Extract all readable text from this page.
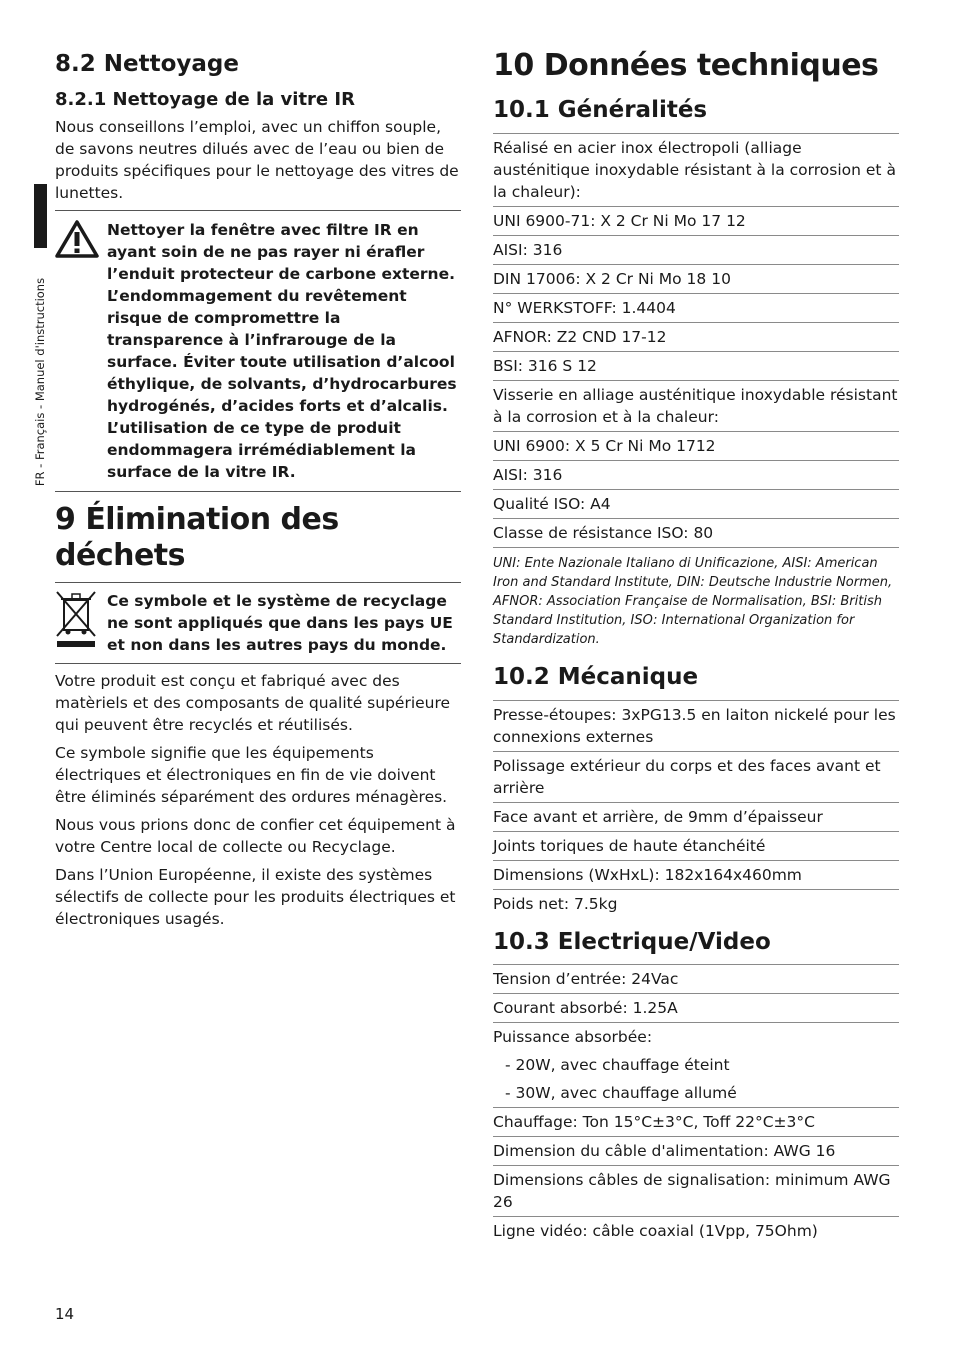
FR - Français - Manuel d'instructions
8.2 Nettoyage
8.2.1 Nettoyage de la vitre IR

Nous conseillons l’emploi, avec un chiffon souple, de savons neutres dilués avec de l’eau ou bien de produits spécifiques pour le nettoyage des vitres de lunettes.

Nettoyer la fenêtre avec filtre IR en ayant soin de ne pas rayer ni érafler l’enduit protecteur de carbone externe. L’endommagement du revêtement risque de compromettre la transparence à l’infrarouge de la surface. Éviter toute utilisation d’alcool éthylique, de solvants, d’hydrocarbures hydrogénés, d’acides forts et d’alcalis. L’utilisation de ce type de produit endommagera irrémédiablement la surface de la vitre IR.
9 Élimination des déchets
Ce symbole et le système de recyclage ne sont appliqués que dans les pays UE et non dans les autres pays du monde.

Votre produit est conçu et fabriqué avec des matèriels et des composants de qualité supérieure qui peuvent être recyclés et réutilisés.

Ce symbole signifie que les équipements électriques et électroniques en fin de vie doivent être éliminés séparément des ordures ménagères.

Nous vous prions donc de confier cet équipement à votre Centre local de collecte ou Recyclage.

Dans l’Union Européenne, il existe des systèmes sélectifs de collecte pour les produits électriques et électroniques usagés.

10 Données techniques
10.1 Généralités
Réalisé en acier inox électropoli (alliage austénitique inoxydable résistant à la corrosion et à la chaleur):
UNI 6900-71: X 2 Cr Ni Mo 17 12
AISI: 316
DIN 17006: X 2 Cr Ni Mo 18 10
N° WERKSTOFF: 1.4404
AFNOR: Z2 CND 17-12
BSI: 316 S 12
Visserie en alliage austénitique inoxydable résistant à la corrosion et à la chaleur:
UNI 6900: X 5 Cr Ni Mo 1712
AISI: 316
Qualité ISO: A4
Classe de résistance ISO: 80

UNI: Ente Nazionale Italiano di Unificazione, AISI: American Iron and Standard Institute, DIN: Deutsche Industrie Normen, AFNOR: Association Française de Normalisation, BSI: British Standard Institution, ISO: International Organization for Standardization.

10.2 Mécanique
Presse-étoupes: 3xPG13.5 en laiton nickelé pour les connexions externes
Polissage extérieur du corps et des faces avant et arrière
Face avant et arrière, de 9mm d’épaisseur
Joints toriques de haute étanchéité
Dimensions (WxHxL): 182x164x460mm
Poids net: 7.5kg
10.3 Electrique/Video
Tension d’entrée: 24Vac
Courant absorbé: 1.25A
Puissance absorbée:
- 20W, avec chauffage éteint
- 30W, avec chauffage allumé
Chauffage: Ton 15°C±3°C, Toff 22°C±3°C
Dimension du câble d'alimentation: AWG 16
Dimensions câbles de signalisation: minimum AWG 26
Ligne vidéo: câble coaxial (1Vpp, 75Ohm)
14
